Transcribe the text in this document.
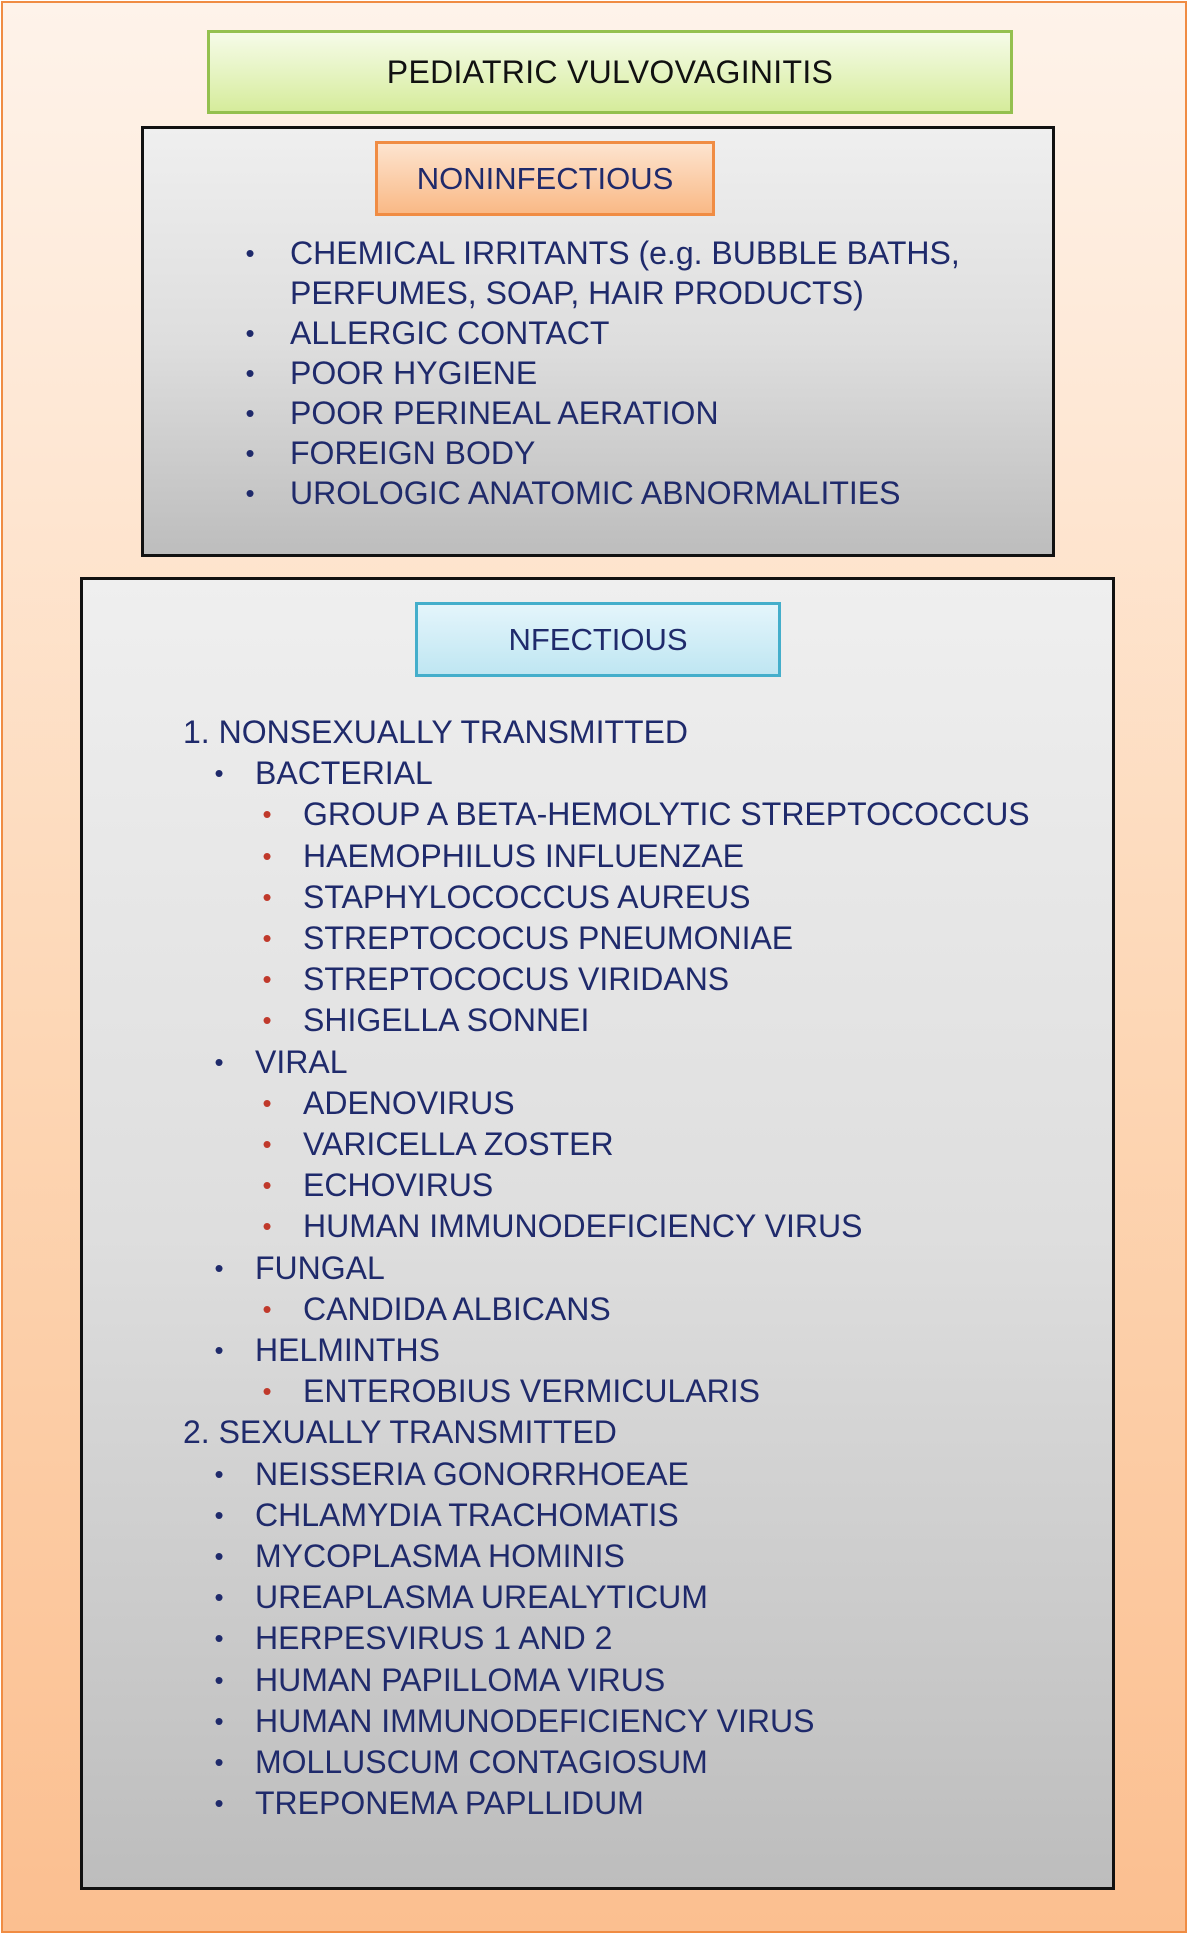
PEDIATRIC VULVOVAGINITIS
NONINFECTIOUS
•	CHEMICAL IRRITANTS (e.g. BUBBLE BATHS, PERFUMES, SOAP, HAIR PRODUCTS)
•	ALLERGIC CONTACT
•	POOR HYGIENE
•	POOR PERINEAL AERATION
•	FOREIGN BODY
•	UROLOGIC ANATOMIC ABNORMALITIES
NFECTIOUS
1. NONSEXUALLY TRANSMITTED
• BACTERIAL
• GROUP A BETA-HEMOLYTIC STREPTOCOCCUS
• HAEMOPHILUS INFLUENZAE
• STAPHYLOCOCCUS AUREUS
• STREPTOCOCUS PNEUMONIAE
• STREPTOCOCUS VIRIDANS
• SHIGELLA SONNEI
• VIRAL
• ADENOVIRUS
• VARICELLA ZOSTER
• ECHOVIRUS
• HUMAN IMMUNODEFICIENCY VIRUS
• FUNGAL
• CANDIDA ALBICANS
• HELMINTHS
• ENTEROBIUS VERMICULARIS
2. SEXUALLY TRANSMITTED
• NEISSERIA GONORRHOEAE
• CHLAMYDIA TRACHOMATIS
• MYCOPLASMA HOMINIS
• UREAPLASMA UREALYTICUM
• HERPESVIRUS 1 AND 2
• HUMAN PAPILLOMA VIRUS
• HUMAN IMMUNODEFICIENCY VIRUS
• MOLLUSCUM CONTAGIOSUM
• TREPONEMA PAPLLIDUM
